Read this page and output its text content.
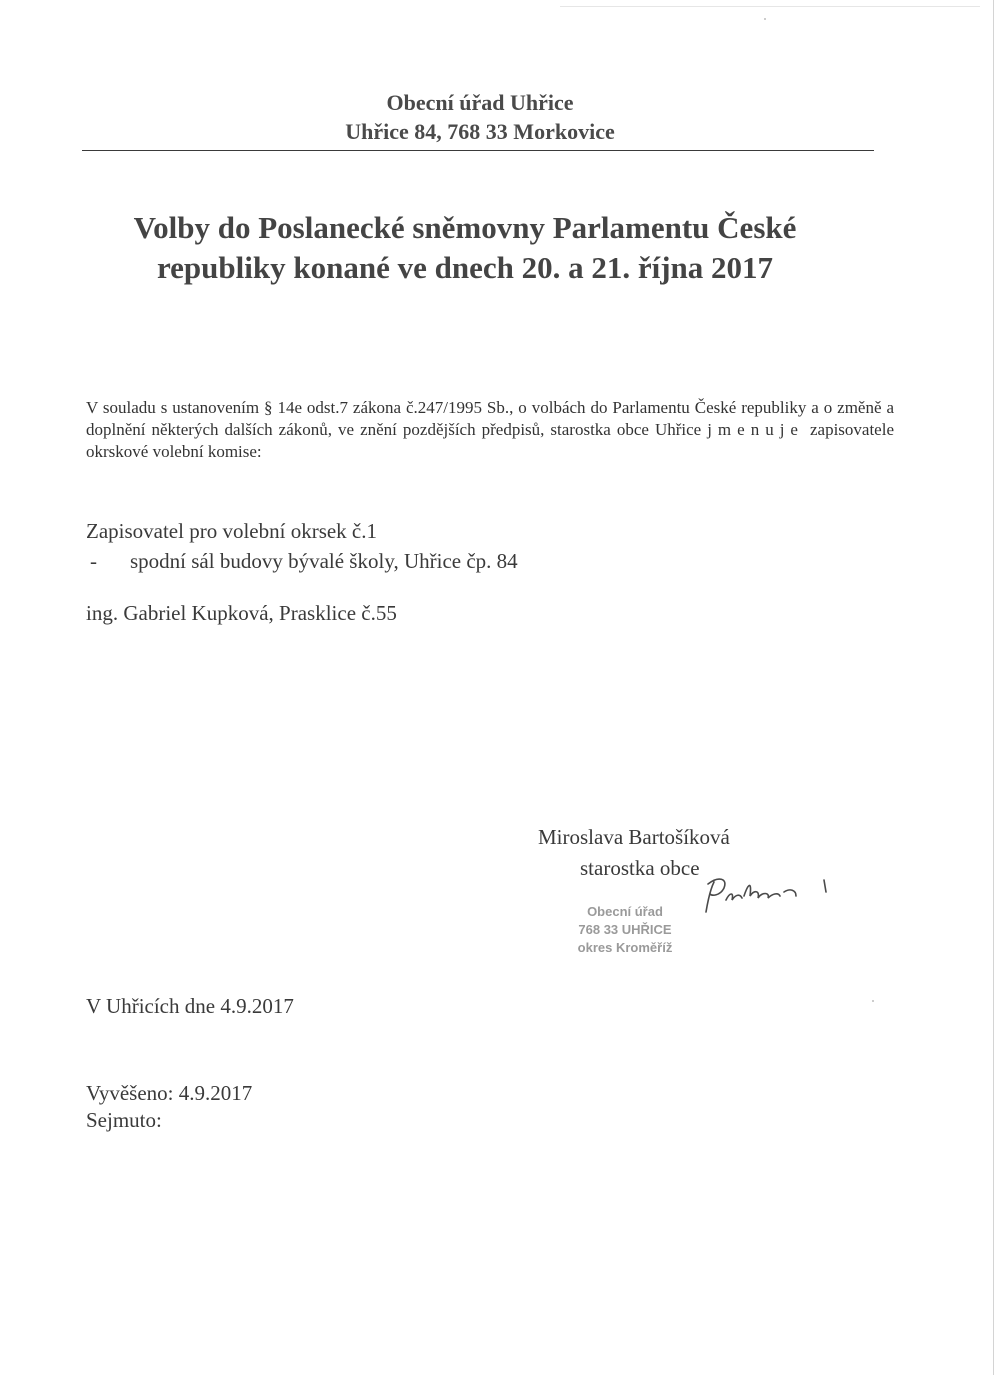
Obecní úřad Uhřice
Uhřice 84, 768 33 Morkovice
Volby do Poslanecké sněmovny Parlamentu České
republiky konané ve dnech 20. a 21. října 2017
V souladu s ustanovením § 14e odst.7 zákona č.247/1995 Sb., o volbách do Parlamentu České republiky a o změně a doplnění některých dalších zákonů, ve znění pozdějších předpisů, starostka obce Uhřice jmenuje zapisovatele okrskové volební komise:
Zapisovatel pro volební okrsek č.1
- spodní sál budovy bývalé školy, Uhřice čp. 84
ing. Gabriel Kupková, Prasklice č.55
Miroslava Bartošíková
starostka obce
Obecní úřad
768 33 UHŘICE
okres Kroměříž
V Uhřicích dne 4.9.2017
Vyvěšeno: 4.9.2017
Sejmuto:
